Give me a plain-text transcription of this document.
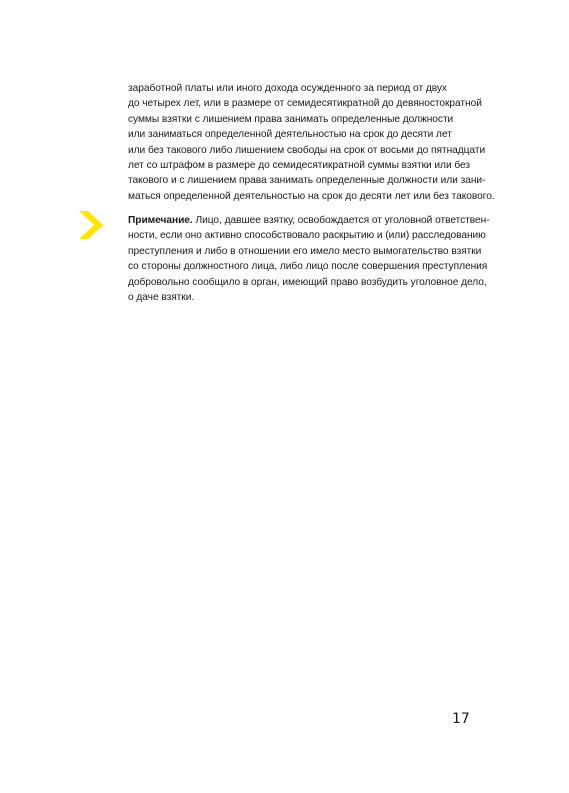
заработной платы или иного дохода осужденного за период от двух
до четырех лет, или в размере от семидесятикратной до девяностократной
суммы взятки с лишением права занимать определенные должности
или заниматься определенной деятельностью на срок до десяти лет
или без такового либо лишением свободы на срок от восьми до пятнадцати
лет со штрафом в размере до семидесятикратной суммы взятки или без
такового и с лишением права занимать определенные должности или зани-
маться определенной деятельностью на срок до десяти лет или без такового.
Примечание. Лицо, давшее взятку, освобождается от уголовной ответствен-
ности, если оно активно способствовало раскрытию и (или) расследованию
преступления и либо в отношении его имело место вымогательство взятки
со стороны должностного лица, либо лицо после совершения преступления
добровольно сообщило в орган, имеющий право возбудить уголовное дело,
о даче взятки.
17
